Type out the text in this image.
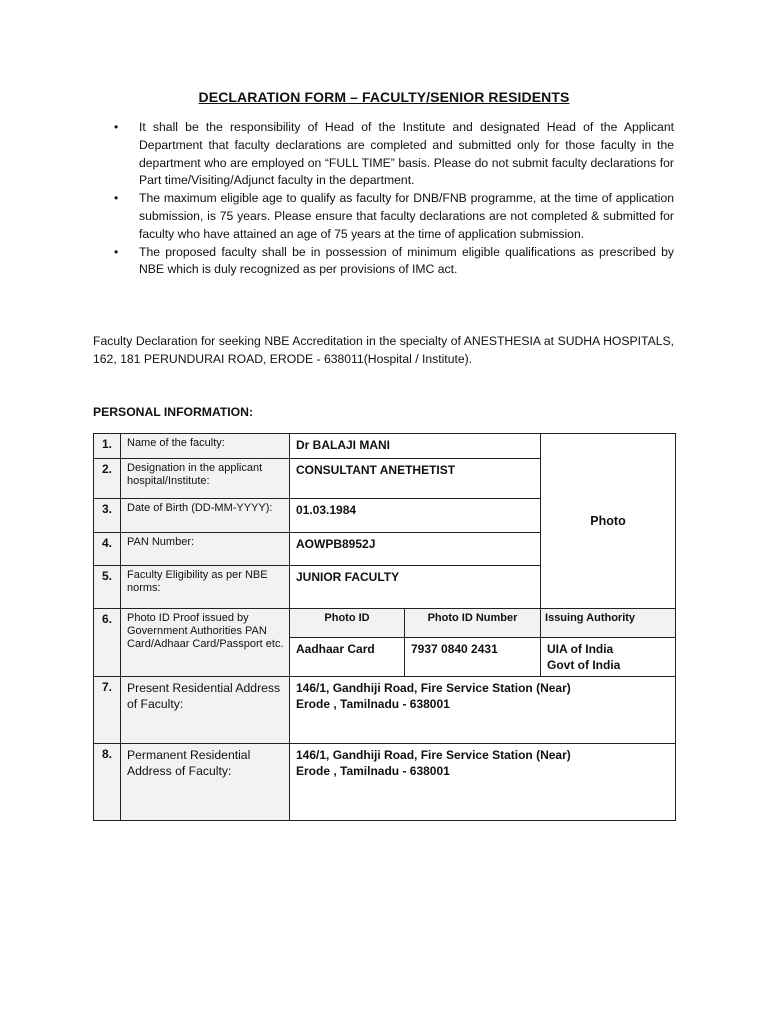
DECLARATION FORM – FACULTY/SENIOR RESIDENTS
• It shall be the responsibility of Head of the Institute and designated Head of the Applicant Department that faculty declarations are completed and submitted only for those faculty in the department who are employed on “FULL TIME” basis. Please do not submit faculty declarations for Part time/Visiting/Adjunct faculty in the department.
• The maximum eligible age to qualify as faculty for DNB/FNB programme, at the time of application submission, is 75 years. Please ensure that faculty declarations are not completed & submitted for faculty who have attained an age of 75 years at the time of application submission.
• The proposed faculty shall be in possession of minimum eligible qualifications as prescribed by NBE which is duly recognized as per provisions of IMC act.
Faculty Declaration for seeking NBE Accreditation in the specialty of ANESTHESIA at SUDHA HOSPITALS, 162, 181 PERUNDURAI ROAD, ERODE - 638011(Hospital / Institute).
PERSONAL INFORMATION:
1.	Name of the faculty:	Dr BALAJI MANI		Photo
2.	Designation in the applicant hospital/Institute:	CONSULTANT ANETHETIST		
3.	Date of Birth (DD-MM-YYYY):	01.03.1984		
4.	PAN Number:	AOWPB8952J		
5.	Faculty Eligibility as per NBE norms:	JUNIOR FACULTY		
6.	Photo ID Proof issued by Government Authorities PAN Card/Adhaar Card/Passport etc.	Photo ID	Photo ID Number	Issuing Authority
		Aadhaar Card	7937 0840 2431	UIA of India
Govt of India

7.	Present Residential Address of Faculty:	146/1, Gandhiji Road, Fire Service Station (Near)
Erode , Tamilnadu - 638001		

8.	Permanent Residential Address of Faculty:	146/1, Gandhiji Road, Fire Service Station (Near)
Erode , Tamilnadu - 638001		
